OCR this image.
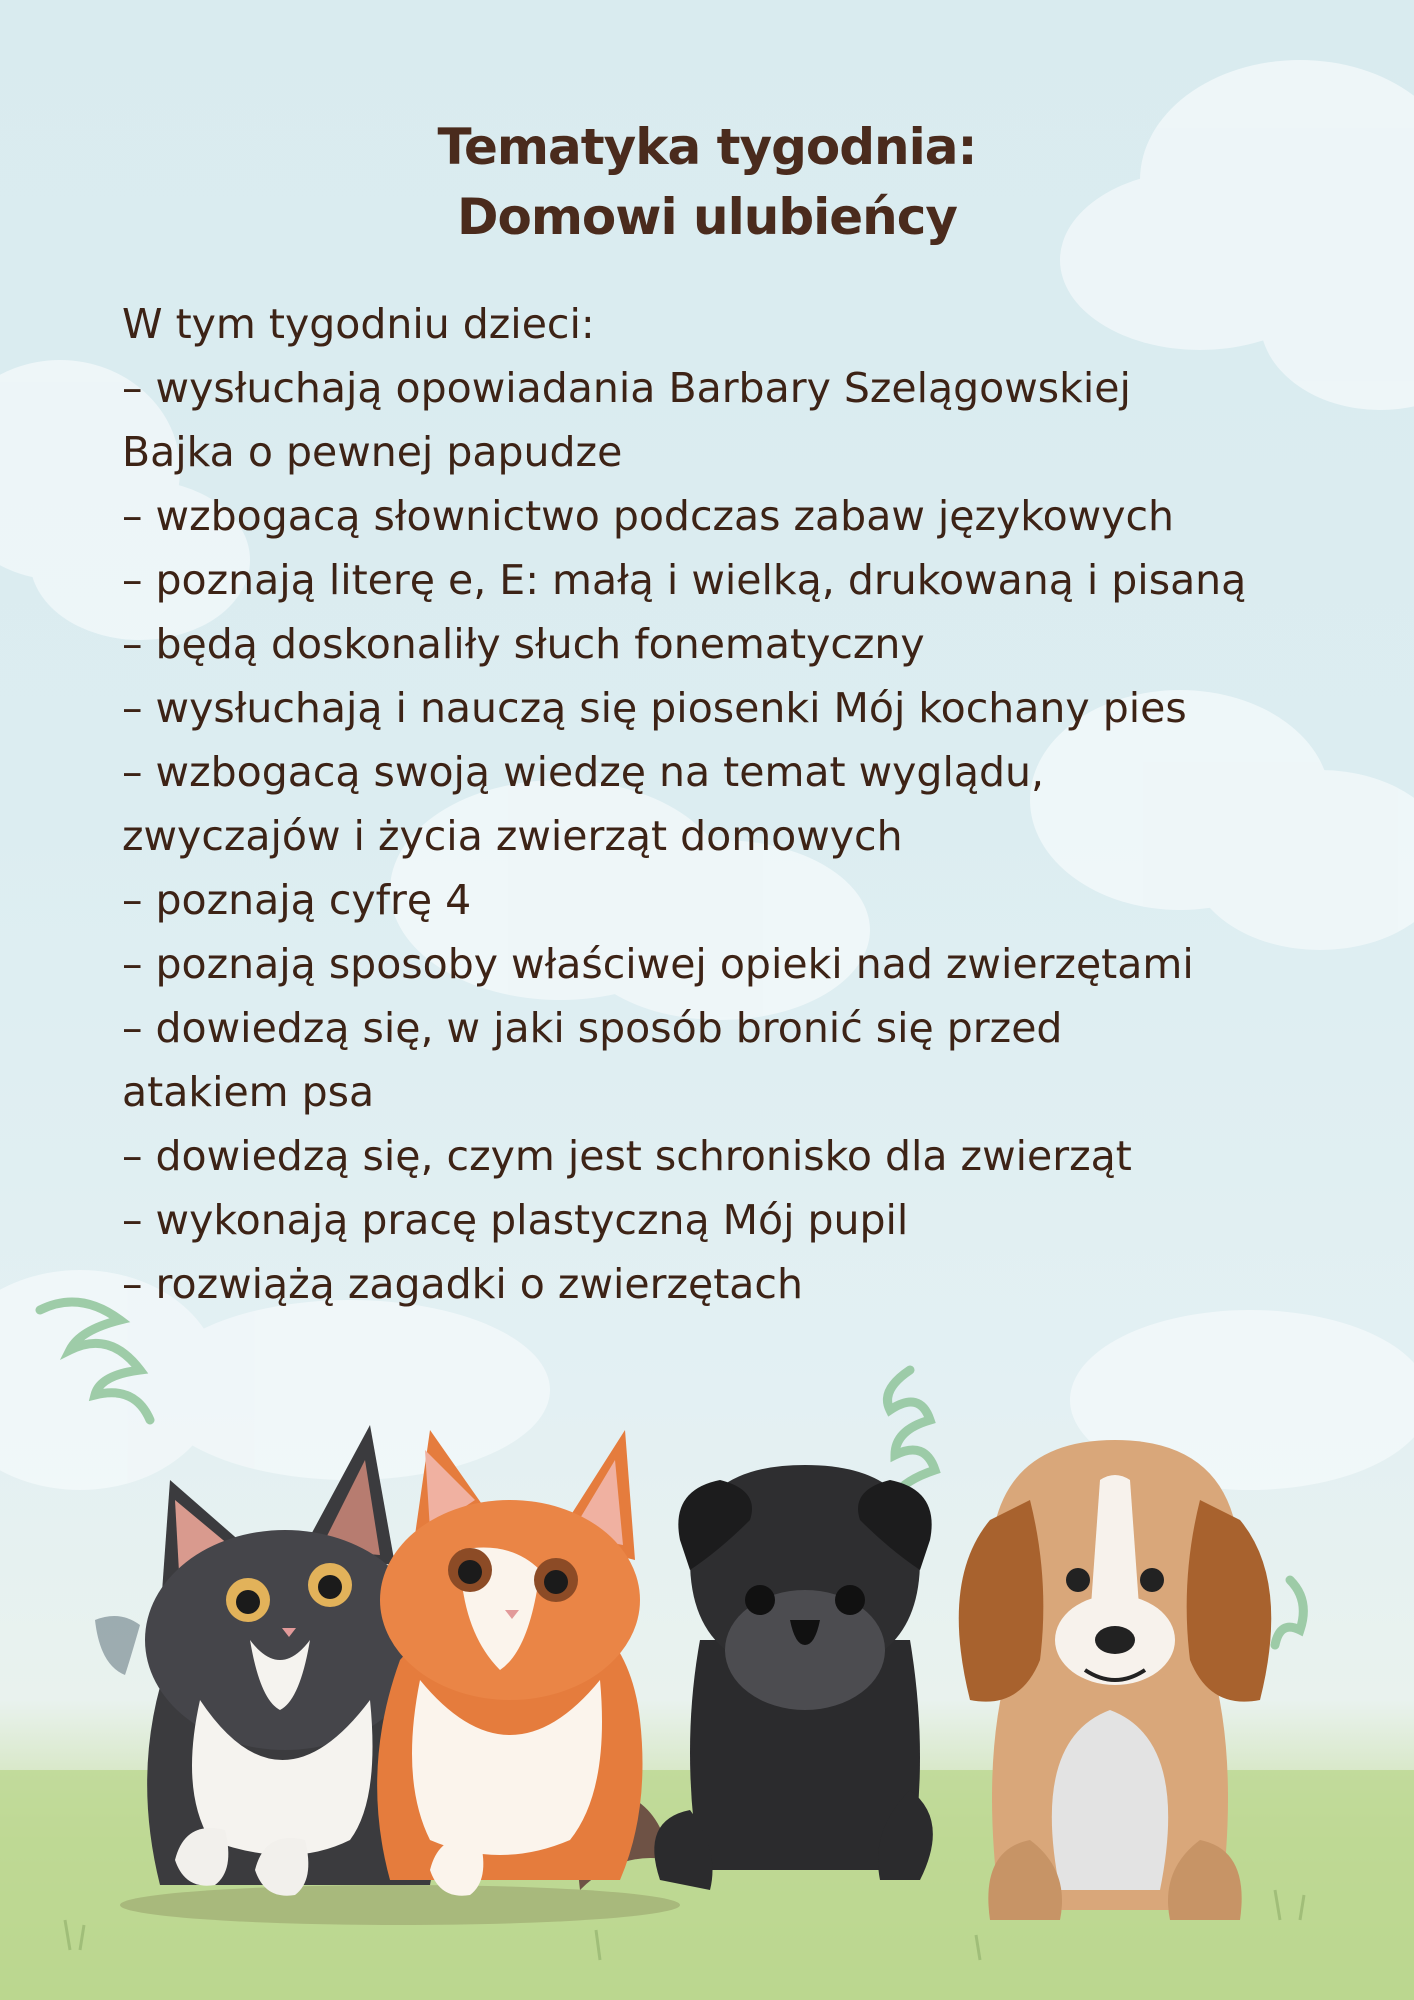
Tematyka tygodnia:
Domowi ulubieńcy
W tym tygodniu dzieci:
– wysłuchają opowiadania Barbary Szelągowskiej
Bajka o pewnej papudze
– wzbogacą słownictwo podczas zabaw językowych
– poznają literę e, E: małą i wielką, drukowaną i pisaną
– będą doskonaliły słuch fonematyczny
– wysłuchają i nauczą się piosenki Mój kochany pies
– wzbogacą swoją wiedzę na temat wyglądu,
zwyczajów i życia zwierząt domowych
– poznają cyfrę 4
– poznają sposoby właściwej opieki nad zwierzętami
– dowiedzą się, w jaki sposób bronić się przed
atakiem psa
– dowiedzą się, czym jest schronisko dla zwierząt
– wykonają pracę plastyczną Mój pupil
– rozwiążą zagadki o zwierzętach
